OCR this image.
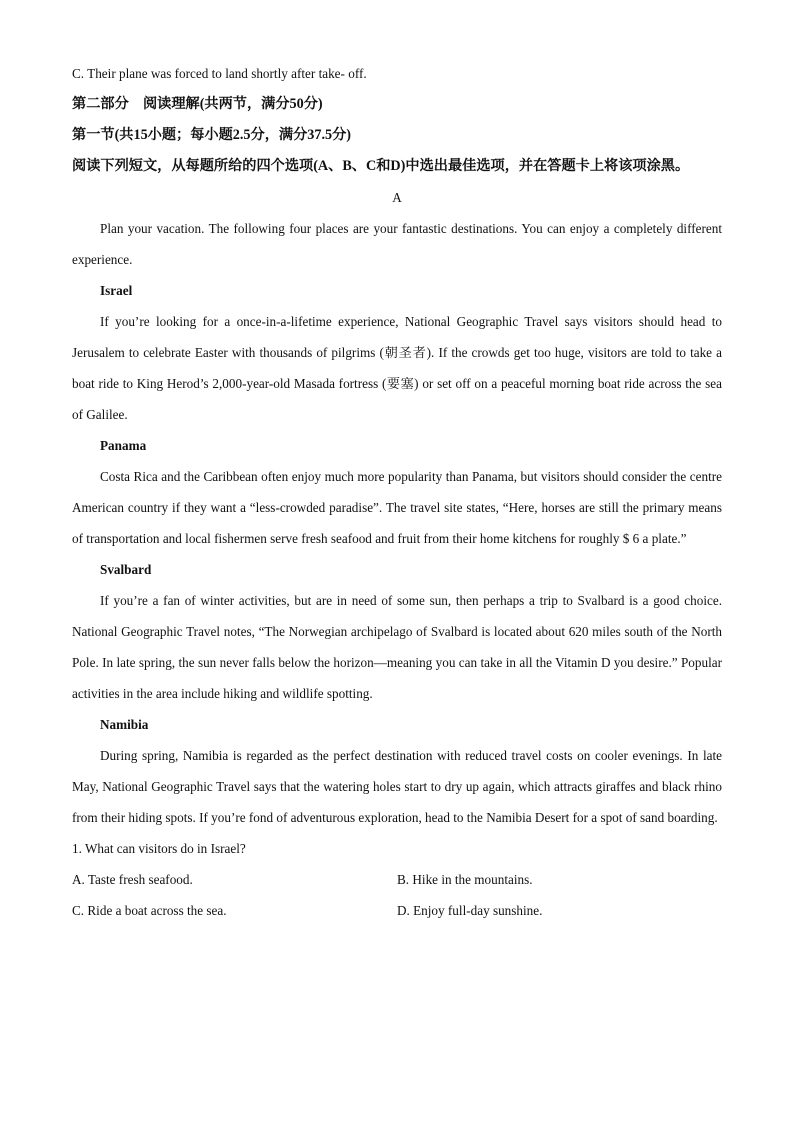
C. Their plane was forced to land shortly after take- off.

第二部分　阅读理解(共两节，满分50分)

第一节(共15小题；每小题2.5分，满分37.5分)

阅读下列短文，从每题所给的四个选项(A、B、C和D)中选出最佳选项，并在答题卡上将该项涂黑。

A

Plan your vacation. The following four places are your fantastic destinations. You can enjoy a completely different experience.

Israel

If you’re looking for a once-in-a-lifetime experience, National Geographic Travel says visitors should head to Jerusalem to celebrate Easter with thousands of pilgrims (朝圣者). If the crowds get too huge, visitors are told to take a boat ride to King Herod’s 2,000-year-old Masada fortress (要塞) or set off on a peaceful morning boat ride across the sea of Galilee.

Panama

Costa Rica and the Caribbean often enjoy much more popularity than Panama, but visitors should consider the centre American country if they want a “less-crowded paradise”. The travel site states, “Here, horses are still the primary means of transportation and local fishermen serve fresh seafood and fruit from their home kitchens for roughly $ 6 a plate.”

Svalbard

If you’re a fan of winter activities, but are in need of some sun, then perhaps a trip to Svalbard is a good choice. National Geographic Travel notes, “The Norwegian archipelago of Svalbard is located about 620 miles south of the North Pole. In late spring, the sun never falls below the horizon—meaning you can take in all the Vitamin D you desire.” Popular activities in the area include hiking and wildlife spotting.

Namibia

During spring, Namibia is regarded as the perfect destination with reduced travel costs on cooler evenings. In late May, National Geographic Travel says that the watering holes start to dry up again, which attracts giraffes and black rhino from their hiding spots. If you’re fond of adventurous exploration, head to the Namibia Desert for a spot of sand boarding.

1. What can visitors do in Israel?

A. Taste fresh seafood.	B. Hike in the mountains.
C. Ride a boat across the sea.	D. Enjoy full-day sunshine.
